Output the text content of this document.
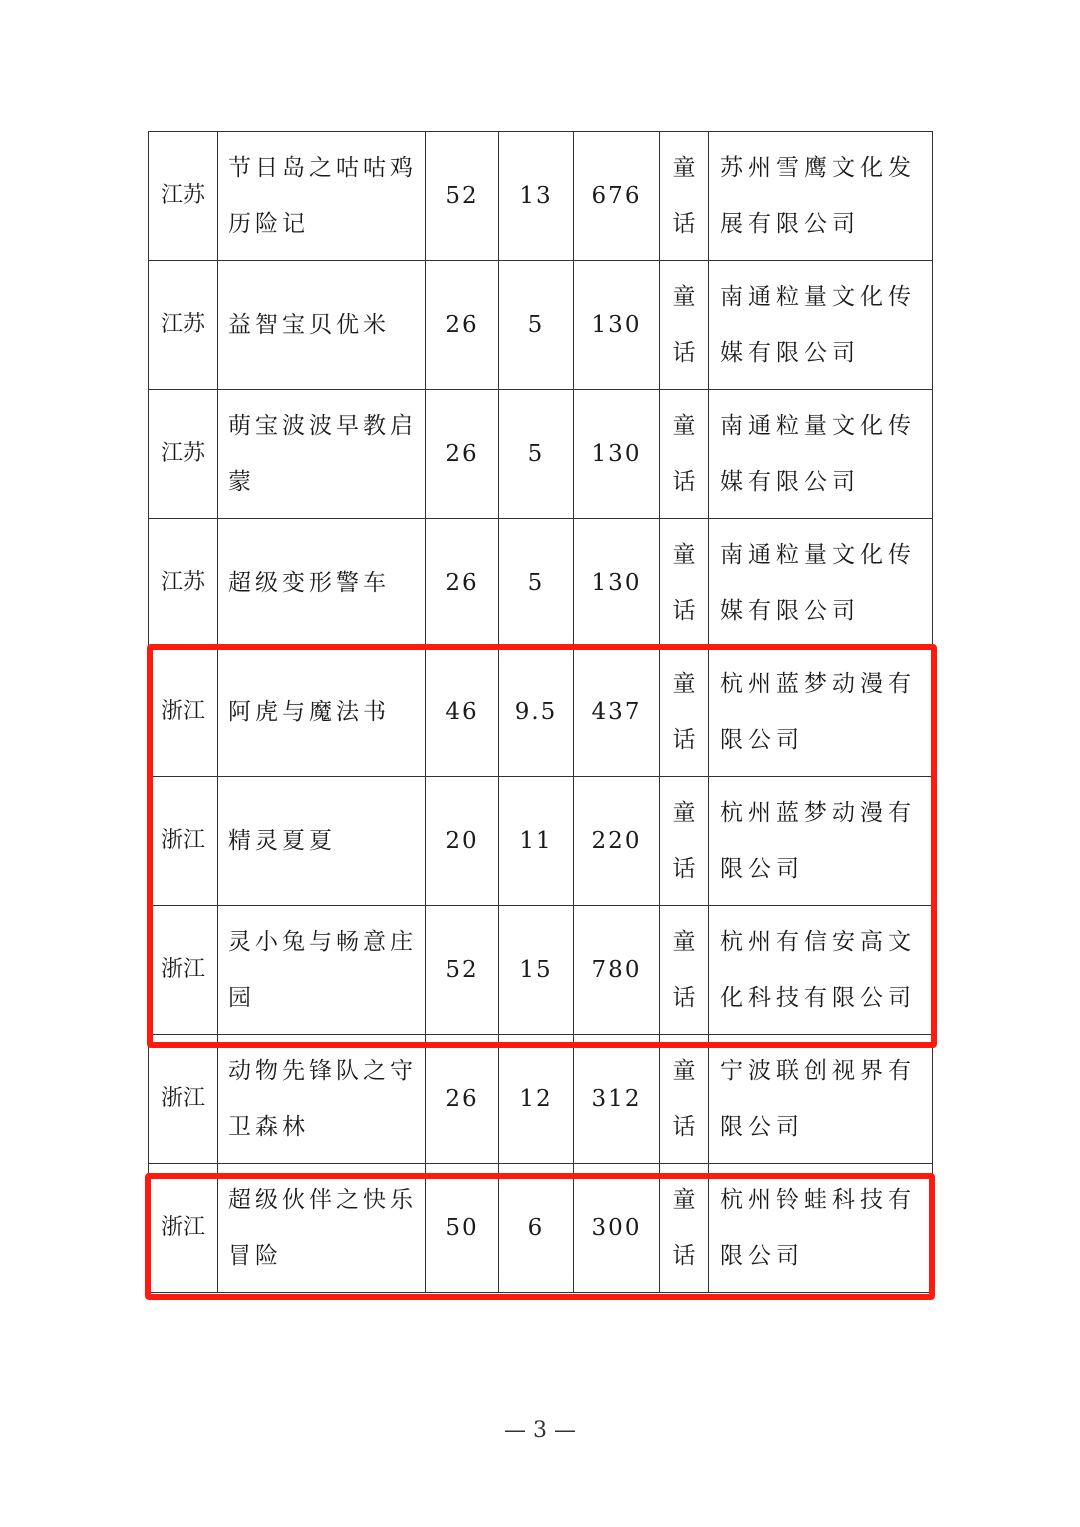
江苏	节日岛之咕咕鸡历险记	52	13	676	童话	苏州雪鹰文化发展有限公司
江苏	益智宝贝优米	26	5	130	童话	南通粒量文化传媒有限公司
江苏	萌宝波波早教启蒙	26	5	130	童话	南通粒量文化传媒有限公司
江苏	超级变形警车	26	5	130	童话	南通粒量文化传媒有限公司
浙江	阿虎与魔法书	46	9.5	437	童话	杭州蓝梦动漫有限公司
浙江	精灵夏夏	20	11	220	童话	杭州蓝梦动漫有限公司
浙江	灵小兔与畅意庄园	52	15	780	童话	杭州有信安高文化科技有限公司
浙江	动物先锋队之守卫森林	26	12	312	童话	宁波联创视界有限公司
浙江	超级伙伴之快乐冒险	50	6	300	童话	杭州铃蛙科技有限公司
— 3 —
